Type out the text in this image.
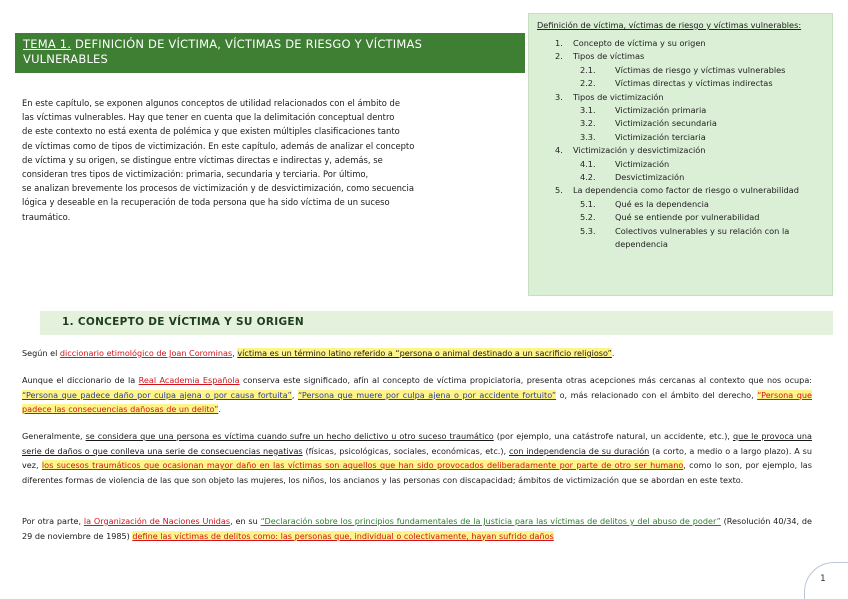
TEMA 1. DEFINICIÓN DE VÍCTIMA, VÍCTIMAS DE RIESGO Y VÍCTIMAS
VULNERABLES
En este capítulo, se exponen algunos conceptos de utilidad relacionados con el ámbito de
las víctimas vulnerables. Hay que tener en cuenta que la delimitación conceptual dentro
de este contexto no está exenta de polémica y que existen múltiples clasificaciones tanto
de víctimas como de tipos de victimización. En este capítulo, además de analizar el concepto
de víctima y su origen, se distingue entre víctimas directas e indirectas y, además, se
consideran tres tipos de victimización: primaria, secundaria y terciaria. Por último,
se analizan brevemente los procesos de victimización y de desvictimización, como secuencia
lógica y deseable en la recuperación de toda persona que ha sido víctima de un suceso
traumático.
Definición de víctima, víctimas de riesgo y víctimas vulnerables:
1.	Concepto de víctima y su origen
2.	Tipos de víctimas
2.1.	Víctimas de riesgo y víctimas vulnerables
2.2.	Víctimas directas y víctimas indirectas
3.	Tipos de victimización
3.1.	Victimización primaria
3.2.	Victimización secundaria
3.3.	Victimización terciaria
4.	Victimización y desvictimización
4.1.	Victimización
4.2.	Desvictimización
5.	La dependencia como factor de riesgo o vulnerabilidad
5.1.	Qué es la dependencia
5.2.	Qué se entiende por vulnerabilidad
5.3.	Colectivos vulnerables y su relación con la dependencia
1. CONCEPTO DE VÍCTIMA Y SU ORIGEN
Según el diccionario etimológico de Joan Corominas, víctima es un término latino referido a “persona o animal destinado a un sacrificio religioso”.
Aunque el diccionario de la Real Academia Española conserva este significado, afín al concepto de víctima propiciatoria, presenta otras acepciones más cercanas al contexto que nos ocupa: “Persona que padece daño por culpa ajena o por causa fortuita”, “Persona que muere por culpa ajena o por accidente fortuito” o, más relacionado con el ámbito del derecho, “Persona que padece las consecuencias dañosas de un delito”.
Generalmente, se considera que una persona es víctima cuando sufre un hecho delictivo u otro suceso traumático (por ejemplo, una catástrofe natural, un accidente, etc.), que le provoca una serie de daños o que conlleva una serie de consecuencias negativas (físicas, psicológicas, sociales, económicas, etc.), con independencia de su duración (a corto, a medio o a largo plazo). A su vez, los sucesos traumáticos que ocasionan mayor daño en las víctimas son aquellos que han sido provocados deliberadamente por parte de otro ser humano, como lo son, por ejemplo, las diferentes formas de violencia de las que son objeto las mujeres, los niños, los ancianos y las personas con discapacidad; ámbitos de victimización que se abordan en este texto.
Por otra parte, la Organización de Naciones Unidas, en su “Declaración sobre los principios fundamentales de la Justicia para las víctimas de delitos y del abuso de poder” (Resolución 40/34, de 29 de noviembre de 1985) define las víctimas de delitos como: las personas que, individual o colectivamente, hayan sufrido daños
1
